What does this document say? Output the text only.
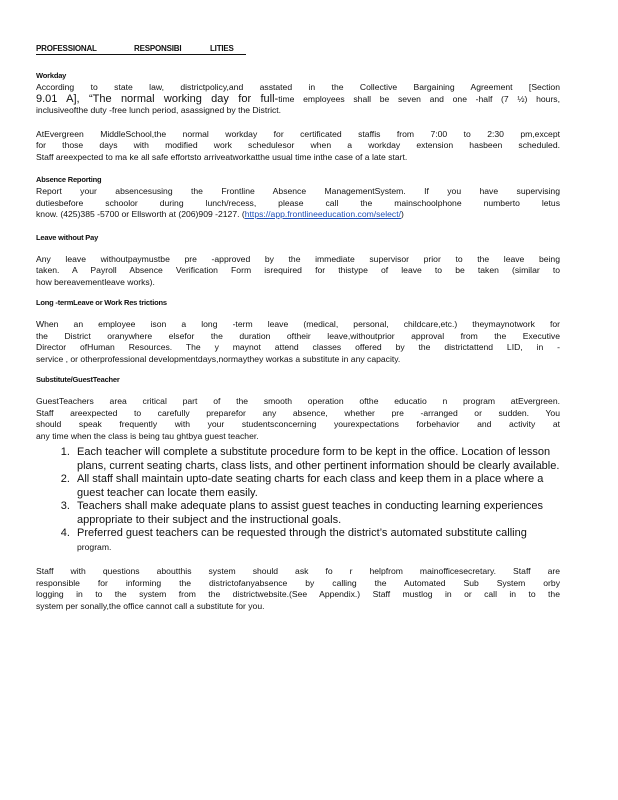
PROFESSIONAL	RESPONSIBI	LITIES
Workday

According to state law, districtpolicy,and asstated in the Collective Bargaining Agreement [Section

9.01 A], “The normal working day for full-time employees shall be seven and one -half (7 ½) hours,

inclusiveofthe duty -free lunch period, asassigned by the District.

AtEvergreen MiddleSchool,the normal workday for certificated staffis from 7:00 to 2:30 pm,except

for those days with modified work schedulesor when a workday extension hasbeen scheduled.

Staff areexpected to ma ke all safe effortsto arriveatworkatthe usual time inthe case of a late start.

Absence Reporting

Report your absencesusing the Frontline Absence ManagementSystem. If you have supervising

dutiesbefore schoolor during lunch/recess, please call the mainschoolphone numberto letus

know. (425)385 -5700 or Ellsworth at (206)909 -2127. (https://app.frontlineeducation.com/select/)

Leave without Pay

Any leave withoutpaymustbe pre -approved by the immediate supervisor prior to the leave being

taken. A Payroll Absence Verification Form isrequired for thistype of leave to be taken (similar to

how bereavementleave works).

Long -termLeave or Work Res trictions

When an employee ison a long -term leave (medical, personal, childcare,etc.) theymaynotwork for

the District oranywhere elsefor the duration oftheir leave,withoutprior approval from the Executive

Director ofHuman Resources. The y maynot attend classes offered by the districtattend LID, in -

service , or otherprofessional developmentdays,normaythey workas a substitute in any capacity.

Substitute/GuestTeacher

GuestTeachers area critical part of the smooth operation ofthe educatio n program atEvergreen.

Staff areexpected to carefully preparefor any absence, whether pre -arranged or sudden. You

should speak frequently with your studentsconcerning yourexpectations forbehavior and activity at

any time when the class is being tau ghtbya guest teacher.

1. Each teacher will complete a substitute procedure form to be kept in the office. Location of lesson plans, current seating charts, class lists, and other pertinent information should be clearly available.
2. All staff shall maintain upto-date seating charts for each class and keep them in a place where a guest teacher can locate them easily.
3. Teachers shall make adequate plans to assist guest teaches in conducting learning experiences appropriate to their subject and the instructional goals.
4. Preferred guest teachers can be requested through the district’s automated substitute calling
program.

Staff with questions aboutthis system should ask fo r helpfrom mainofficesecretary. Staff are

responsible for informing the districtofanyabsence by calling the Automated Sub System orby

logging in to the system from the districtwebsite.(See Appendix.) Staff mustlog in or call in to the

system per sonally,the office cannot call a substitute for you.
